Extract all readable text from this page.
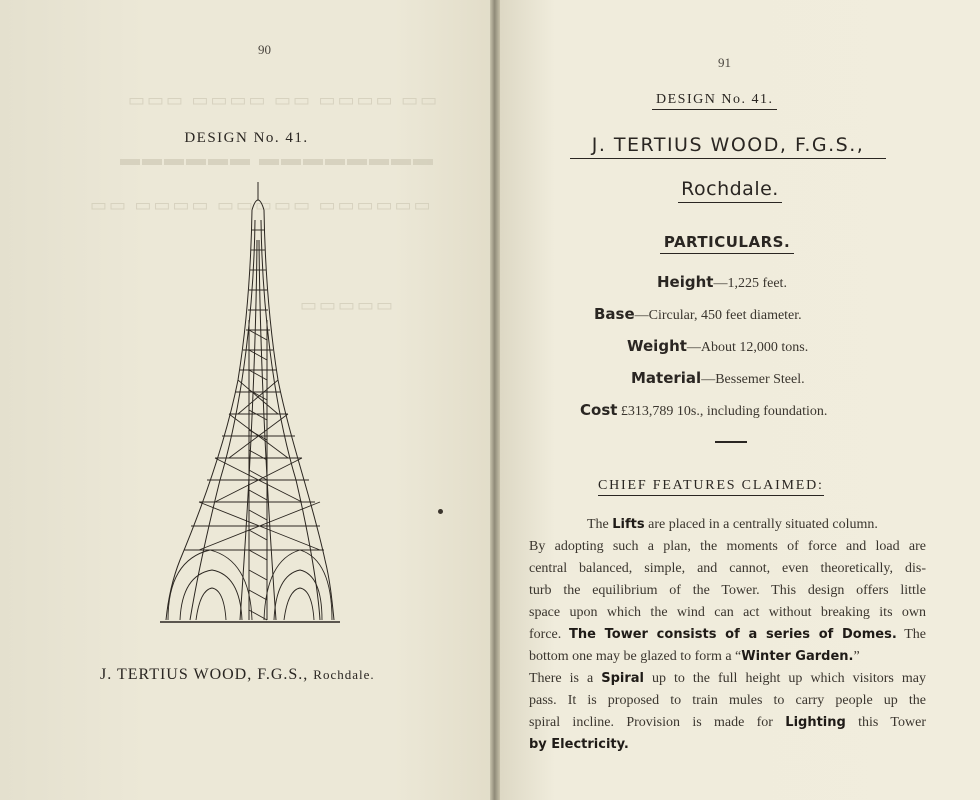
▭▭▭ ▭▭▭▭ ▭▭ ▭▭▭▭ ▭▭
▬▬▬▬▬▬ ▬▬▬▬▬▬▬▬
▭▭ ▭▭▭▭ ▭▭▭▭▭ ▭▭▭▭▭▭
▭▭▭▭▭
90
DESIGN No. 41.
J. TERTIUS WOOD, F.G.S., Rochdale.
91
DESIGN No. 41.
J. TERTIUS WOOD, F.G.S.,
Rochdale.
PARTICULARS.
Height—1,225 feet.
Base—Circular, 450 feet diameter.
Weight—About 12,000 tons.
Material—Bessemer Steel.
Cost £313,789 10s., including foundation.
CHIEF FEATURES CLAIMED:
The Lifts are placed in a centrally situated column.
By adopting such a plan, the moments of force and load are
central balanced, simple, and cannot, even theoretically, dis-
turb the equilibrium of the Tower. This design offers little
space upon which the wind can act without breaking its own
force. The Tower consists of a series of Domes. The
bottom one may be glazed to form a “Winter Garden.”
There is a Spiral up to the full height up which visitors may
pass. It is proposed to train mules to carry people up the
spiral incline. Provision is made for Lighting this Tower
by Electricity.
